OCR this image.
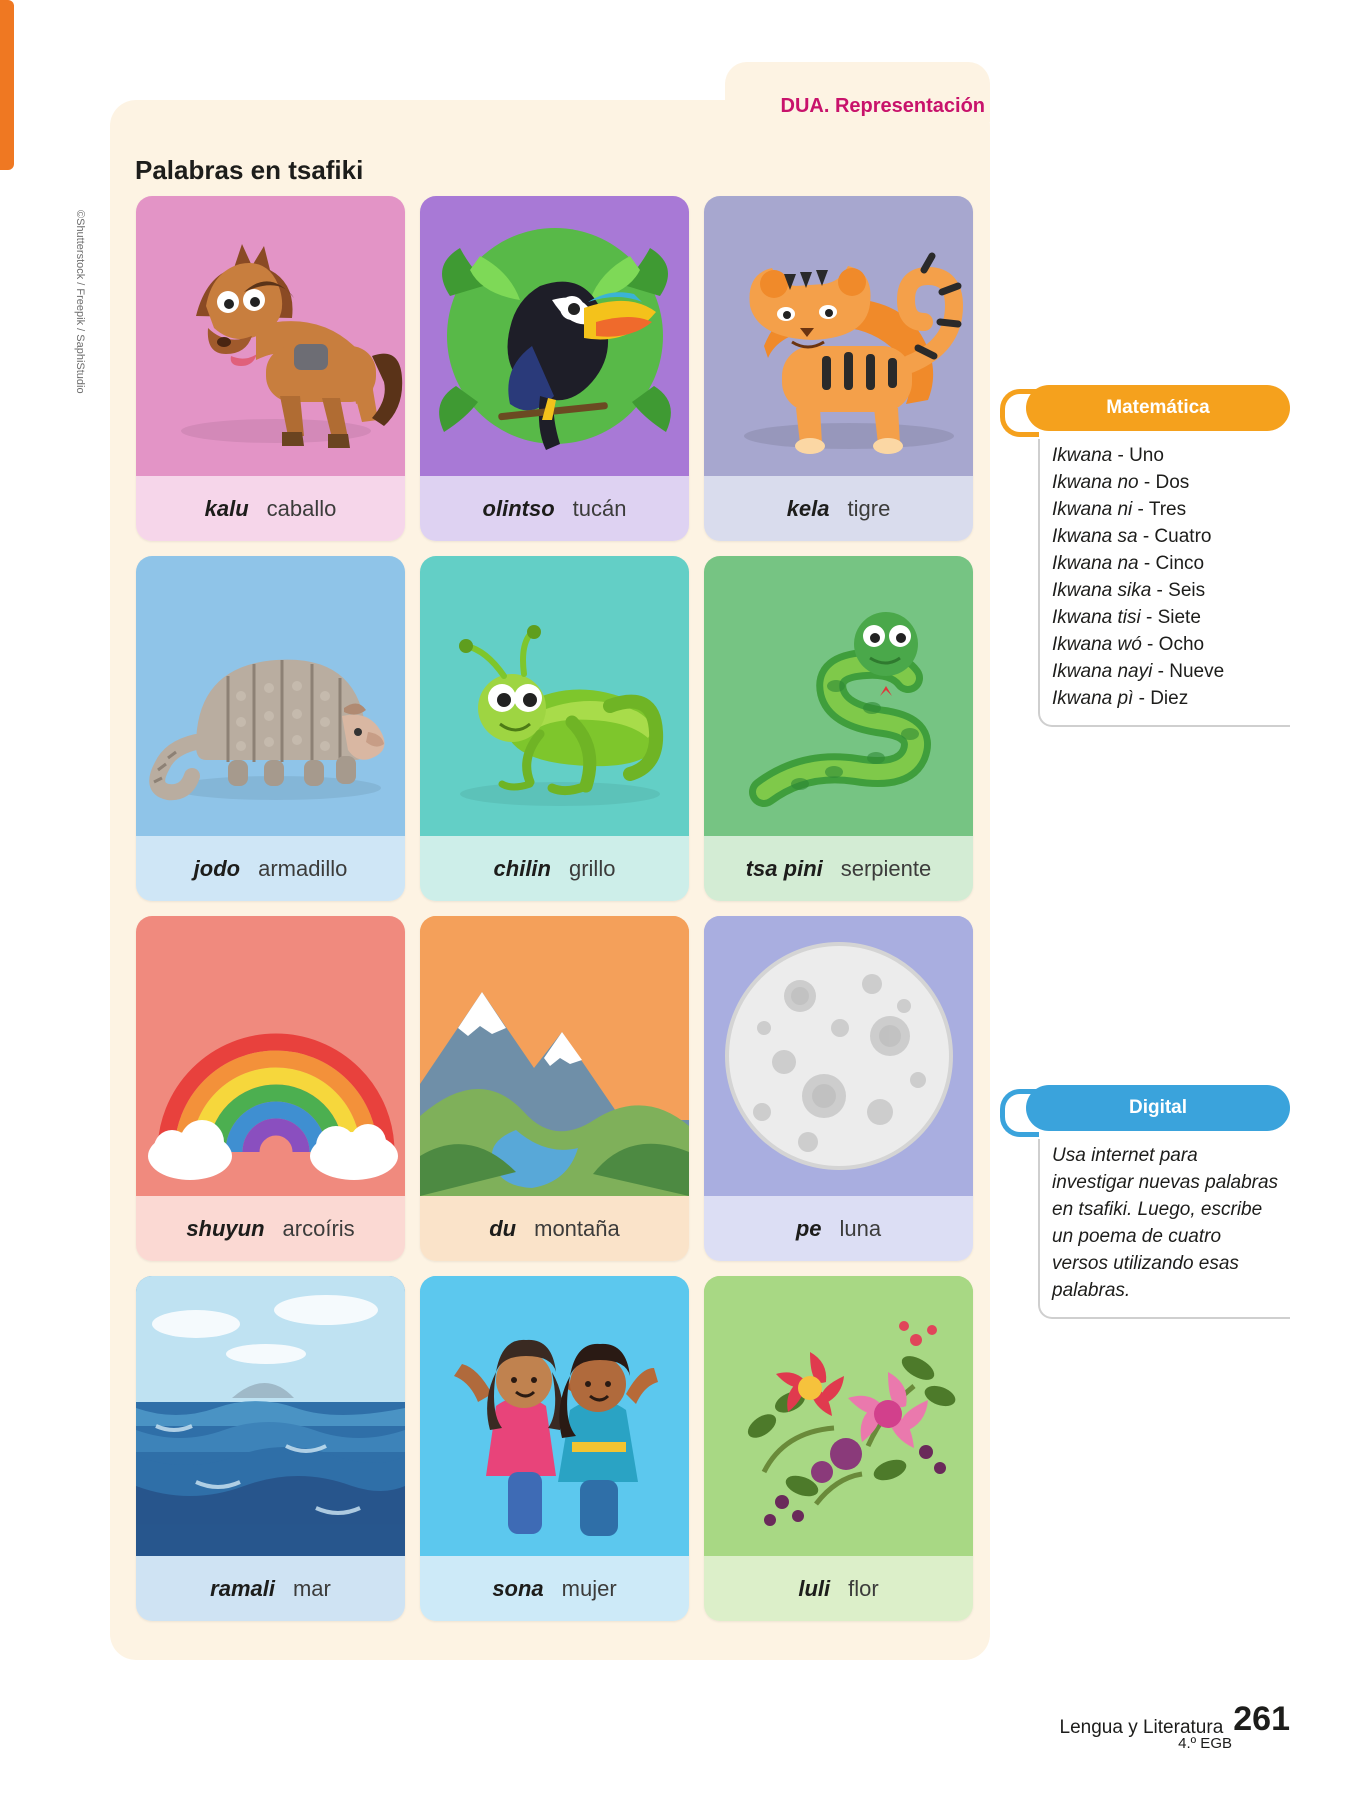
DUA. Representación
Palabras en tsafiki
©Shutterstock / Freepik / SaphiStudio
kalu caballo	olintso tucán	kela tigre
jodo armadillo	chilin grillo	tsa pini serpiente
shuyun arcoíris	du montaña	pe luna
ramali mar	sona mujer	luli flor
Matemática
Ikwana - Uno
Ikwana no - Dos
Ikwana ni - Tres
Ikwana sa - Cuatro
Ikwana na - Cinco
Ikwana sika - Seis
Ikwana tisi - Siete
Ikwana wó - Ocho
Ikwana nayi - Nueve
Ikwana pì - Diez
Digital
Usa internet para investigar nuevas palabras en tsafiki. Luego, escribe un poema de cuatro versos utilizando esas palabras.
Lengua y Literatura 261
4.º EGB
